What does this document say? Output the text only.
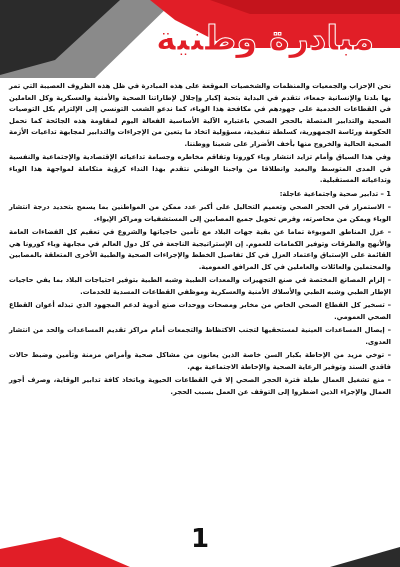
مبادرة وطنية

نحن الإحزاب والجمعيات والمنظمات والشخصيات الموقعة على هذه المبادرة في ظل هذه الظروف العصيبة التي تمر بها بلدنا والإنسانية جمعاء، نتقدم في البداية بتحية إكبار وإجلال لإطاراتنا الصحية والأمنية والعسكرية وكل العاملين في القطاعات الخدمية على جهودهم في مكافحة هذا الوباء، كما ندعو الشعب التونسي إلى الإلتزام بكل التوصيات الصحية والتدابير المتصلة بالحجر الصحي باعتباره الآلية الأساسية الفعالة اليوم لمقاومة هذه الجائحة كما نحمل الحكومة ورئاسة الجمهورية، كسلطة تنفيذية، مسؤولية اتخاذ ما يتعين من الإجراءات والتدابير لمجابهة تداعيات الأزمة الصحية الحالية والخروج منها بأخف الأضرار على شعبنا ووطننا.

وفي هذا السياق وأمام تزايد انتشار وباء كورونا وتفاقم مخاطره وجسامة تداعياته الإقتصادية والإجتماعية والنفسية في المدى المتوسط والبعيد وانطلاقا من واجبنا الوطني نتقدم بهذا النداء كرؤية متكاملة لمواجهة هذا الوباء وتداعياته المستقبلية.

1 – تدابير صحية واجتماعية عاجلة:

– الاستمرار في الحجر الصحي وتعميم التحاليل على أكبر عدد ممكن من المواطنين بما يسمح بتحديد درجة انتشار الوباء ويمكن من محاصرته، وفرض تحويل جميع المصابين إلى المستشفيات ومراكز الإيواء.

– عزل المناطق الموبوءة تماما عن بقية جهات البلاد مع تأمين حاجياتها والشروع في تعقيم كل الفضاءات العامة والأنهج والطرقات وتوفير الكمامات للعموم. إن الإستراتيجية الناجعة في كل دول العالم في مجابهة وباء كورونا هي القائمة على الإستباق واعتماد العزل في كل تفاصيل الخطط والإجراءات الصحية والطبية الأخرى المتعلقة بالمصابين والمحتملين والعائلات والعاملين في كل المرافق العمومية.

– إلزام المصانع المختصة في صنع التجهيزات والمعدات الطبية وشبه الطبية بتوفير احتياجات البلاد بما يفي حاجيات الإطار الطبي وشبه الطبي والأسلاك الأمنية والعسكرية وموظفي القطاعات المسدية للخدمات.

– تسخير كل القطاع الصحي الخاص من مخابر ومصحات ووحدات صنع أدوية لدعم المجهود الذي تبذله أعوان القطاع الصحي العمومي.

– إيصال المساعدات العينية لمستحقيها لتجنب الاكتظاظ والتجمعات أمام مراكز تقديم المساعدات والحد من انتشار العدوى.

– توخي مزيد من الإحاطة بكبار السن خاصة الذين يعانون من مشاكل صحية وأمراض مزمنة وتأمين وضبط حالات فاقدي السند وتوفير الرعاية الصحية والإحاطة الاجتماعية بهم.

– منع تشغيل العمال طيلة فترة الحجر الصحي إلا في القطاعات الحيوية وباتخاذ كافة تدابير الوقاية، وصرف أجور العمال والإجراء الذين اضطروا إلى التوقف عن العمل بسبب الحجر.

1
